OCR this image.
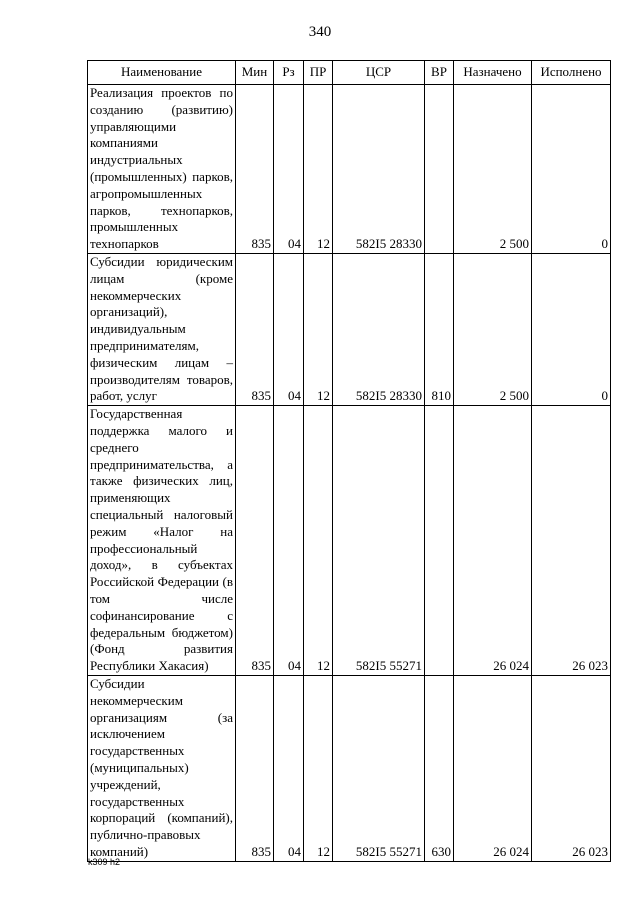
340
Наименование	Мин	Рз	ПР	ЦСР	ВР	Назначено	Исполнено
Реализация проектов по созданию (развитию) управляющими компаниями индустриальных (промышленных) парков, агропромышленных парков, технопарков, промышленных технопарков	835	04	12	582I5 28330		2 500	0
Субсидии юридическим лицам (кроме некоммерческих организаций), индивидуальным предпринимателям, физическим лицам – производителям товаров, работ, услуг	835	04	12	582I5 28330	810	2 500	0
Государственная поддержка малого и среднего предпринимательства, а также физических лиц, применяющих специальный налоговый режим «Налог на профессиональный доход», в субъектах Российской Федерации (в том числе софинансирование с федеральным бюджетом) (Фонд развития Республики Хакасия)	835	04	12	582I5 55271		26 024	26 023
Субсидии некоммерческим организациям (за исключением государственных (муниципальных) учреждений, государственных корпораций (компаний), публично-правовых компаний)	835	04	12	582I5 55271	630	26 024	26 023
k309 h2
